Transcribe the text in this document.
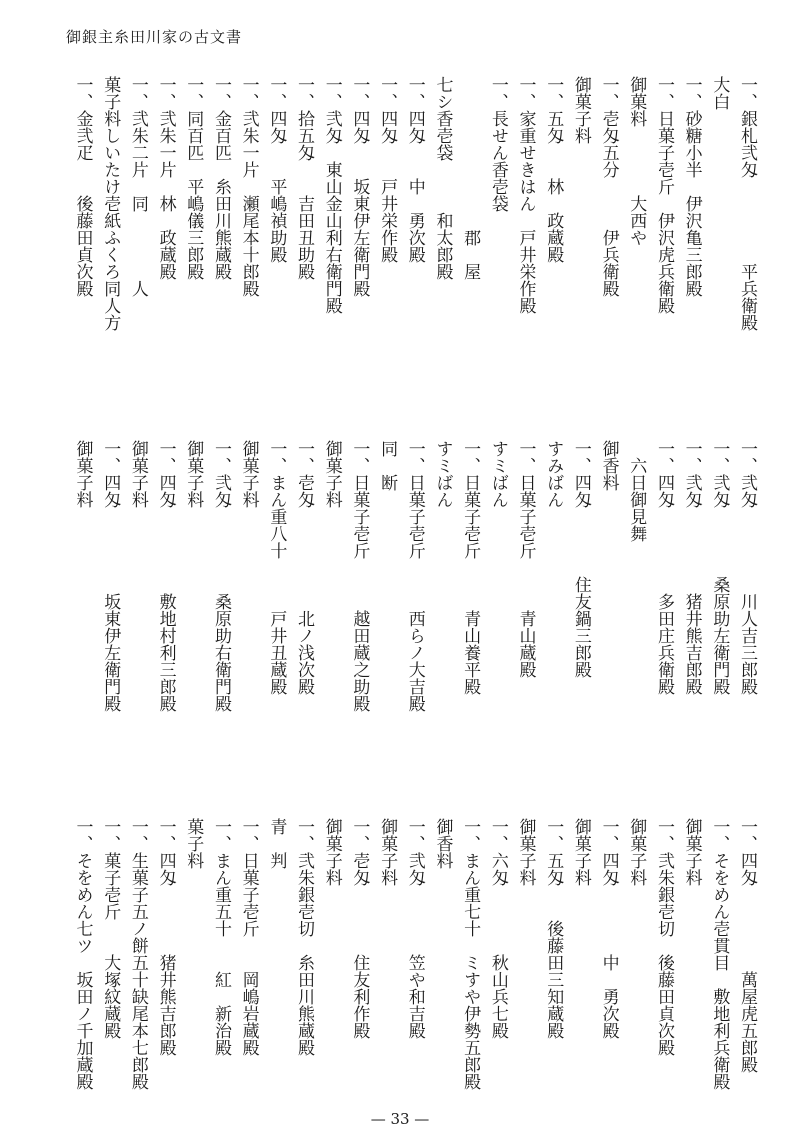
御銀主糸田川家の古文書
一、銀札弐匁　　　　　平兵衛殿
大白
一、砂糖小半　伊沢亀三郎殿
一、日菓子壱斤　伊沢虎兵衛殿
御菓料　　　　大西や
一、壱匁五分　　　伊兵衛殿
御菓子料
一、五匁　　林　政蔵殿
一、家重せきはん　戸井栄作殿
一、長せん香壱袋
　　　　　　　　　郡　屋
七シ香壱袋　　　和太郎殿
一、四匁　　中　勇次殿
一、四匁　　戸井栄作殿
一、四匁　　坂東伊左衛門殿
一、弐匁　東山金山利右衛門殿
一、拾五匁　　吉田丑助殿
一、四匁　　平嶋禎助殿
一、弐朱一片　瀬尾本十郎殿
一、金百匹　糸田川熊蔵殿
一、同百匹　平嶋儀三郎殿
一、弐朱一片　林　政蔵殿
一、弐朱二片　同　　　　人
菓子料しいたけ壱紙ふくろ同人方
一、金弐疋　　後藤田貞次殿
一、弐匁　　　　　川人吉三郎殿
一、弐匁　　　　桑原助左衛門殿
一、弐匁　　　　　猪井熊吉郎殿
一、四匁　　　　　多田庄兵衛殿
　六日御見舞
御香料
一、四匁　　　　住友鍋三郎殿
すみばん
一、日菓子壱斤　　　青山蔵殿
すミばん
一、日菓子壱斤　　　青山養平殿
すミばん
一、日菓子壱斤　　　西らノ大吉殿
同　断
一、日菓子壱斤　　　越田蔵之助殿
御菓子料
一、壱匁　　　　　　北ノ浅次殿
一、まん重八十　　　戸井丑蔵殿
御菓子料
一、弐匁　　　　　桑原助右衛門殿
御菓子料
一、四匁　　　　　敷地村利三郎殿
御菓子料
一、四匁　　　　　坂東伊左衛門殿
御菓子料
一、四匁　　　　　萬屋虎五郎殿
一、そをめん壱貫目　敷地利兵衛殿
御菓子料
一、弐朱銀壱切　後藤田貞次殿
御菓子料
一、四匁　　　　中　勇次殿
御菓子料
一、五匁　　後藤田三知蔵殿
御菓子料
一、六匁　　　　秋山兵七殿
一、まん重七十　ミすや伊勢五郎殿
御香料
一、弐匁　　　　笠や和吉殿
御菓子料
一、壱匁　　　　住友利作殿
御菓子料
一、弐朱銀壱切　糸田川熊蔵殿
青　判
一、日菓子壱斤　　岡嶋岩蔵殿
一、まん重五十　　紅　新治殿
菓子料
一、四匁　　　　猪井熊吉郎殿
一、生菓子五ノ餅五十缺尾本七郎殿
一、菓子壱斤　　大塚紋蔵殿
一、そをめん七ツ　坂田ノ千加蔵殿
— 33 —
